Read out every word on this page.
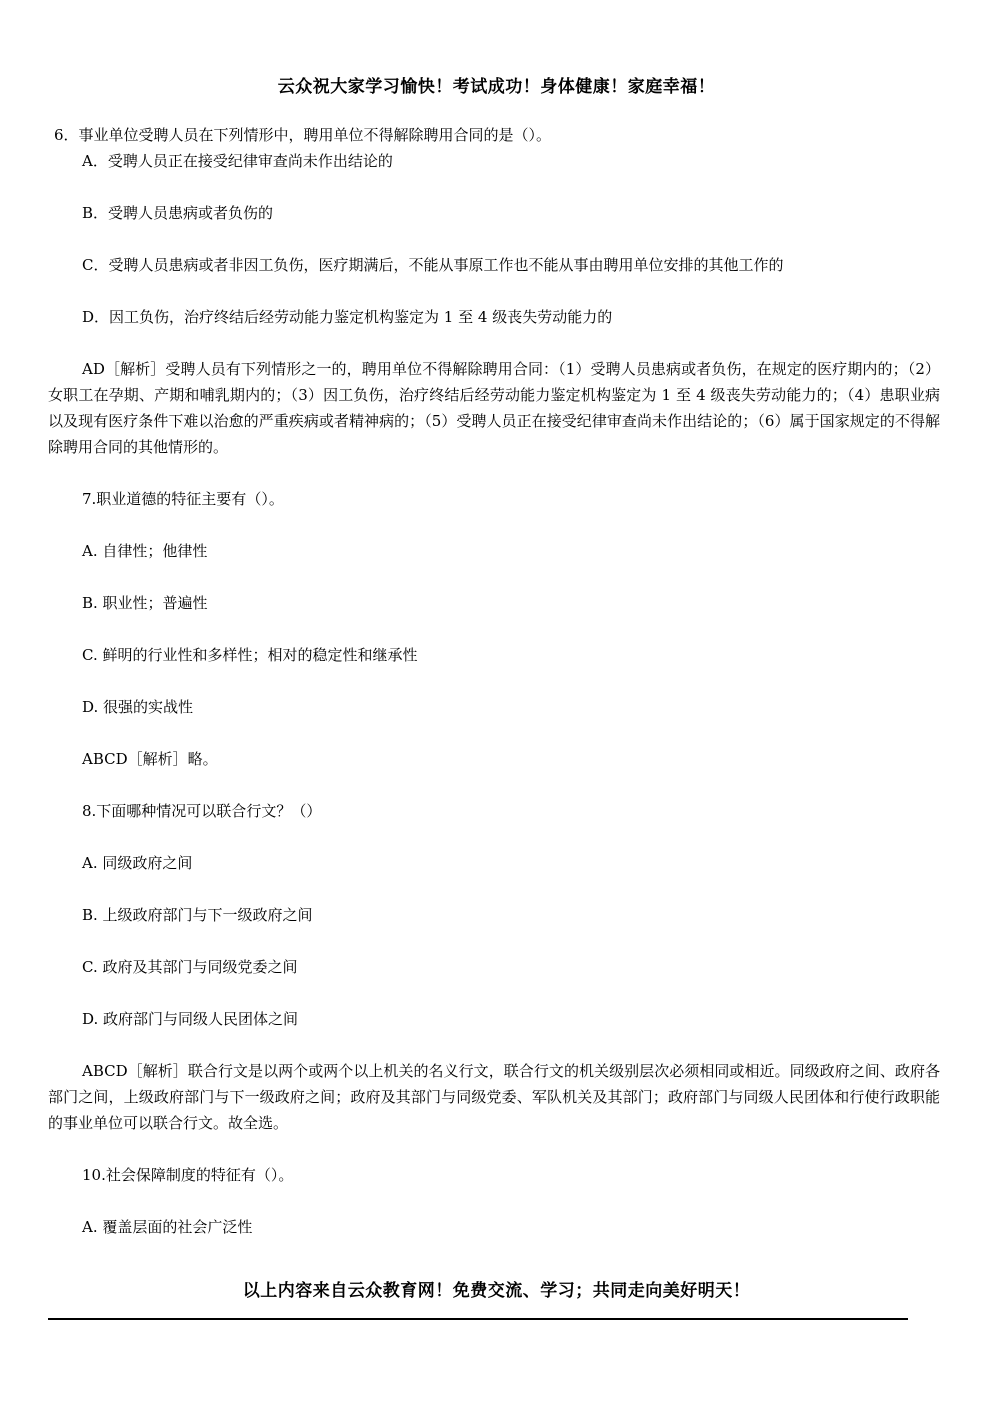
云众祝大家学习愉快！考试成功！身体健康！家庭幸福！
6．事业单位受聘人员在下列情形中，聘用单位不得解除聘用合同的是（）。
A．受聘人员正在接受纪律审查尚未作出结论的
B．受聘人员患病或者负伤的
C．受聘人员患病或者非因工负伤，医疗期满后，不能从事原工作也不能从事由聘用单位安排的其他工作的
D．因工负伤，治疗终结后经劳动能力鉴定机构鉴定为 1 至 4 级丧失劳动能力的
AD［解析］受聘人员有下列情形之一的，聘用单位不得解除聘用合同：（1）受聘人员患病或者负伤，在规定的医疗期内的；（2）女职工在孕期、产期和哺乳期内的；（3）因工负伤，治疗终结后经劳动能力鉴定机构鉴定为 1 至 4 级丧失劳动能力的；（4）患职业病以及现有医疗条件下难以治愈的严重疾病或者精神病的；（5）受聘人员正在接受纪律审查尚未作出结论的；（6）属于国家规定的不得解除聘用合同的其他情形的。
7.职业道德的特征主要有（）。
A. 自律性；他律性
B. 职业性；普遍性
C. 鲜明的行业性和多样性；相对的稳定性和继承性
D. 很强的实战性
ABCD［解析］略。
8.下面哪种情况可以联合行文？（）
A. 同级政府之间
B. 上级政府部门与下一级政府之间
C. 政府及其部门与同级党委之间
D. 政府部门与同级人民团体之间
ABCD［解析］联合行文是以两个或两个以上机关的名义行文，联合行文的机关级别层次必须相同或相近。同级政府之间、政府各部门之间，上级政府部门与下一级政府之间；政府及其部门与同级党委、军队机关及其部门；政府部门与同级人民团体和行使行政职能的事业单位可以联合行文。故全选。
10.社会保障制度的特征有（）。
A. 覆盖层面的社会广泛性
以上内容来自云众教育网！免费交流、学习；共同走向美好明天！
